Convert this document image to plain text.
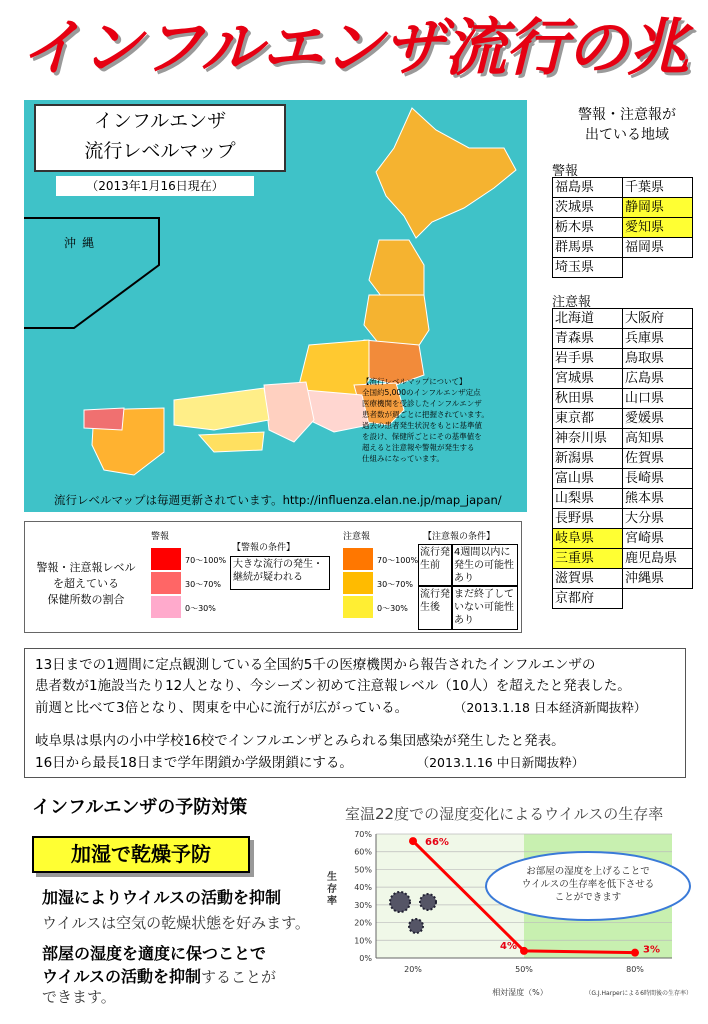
インフルエンザ流行の兆
インフルエンザ
流行レベルマップ
（2013年1月16日現在）
沖縄
【流行レベルマップについて】
全国約5,000のインフルエンザ定点
医療機関を受診したインフルエンザ
患者数が週ごとに把握されています。
過去の患者発生状況をもとに基準値
を設け、保健所ごとにその基準値を
超えると注意報や警報が発生する
仕組みになっています。
流行レベルマップは毎週更新されています。http://influenza.elan.ne.jp/map_japan/
警報・注意報が
出ている地域
警報
福島県	千葉県
茨城県	静岡県
栃木県	愛知県
群馬県	福岡県
埼玉県	
注意報
北海道	大阪府
青森県	兵庫県
岩手県	鳥取県
宮城県	広島県
秋田県	山口県
東京都	愛媛県
神奈川県	高知県
新潟県	佐賀県
富山県	長崎県
山梨県	熊本県
長野県	大分県
岐阜県	宮崎県
三重県	鹿児島県
滋賀県	沖縄県
京都府	
警報・注意報レベル
を超えている
保健所数の割合
警報
70～100%
30～70%
0～30%
【警報の条件】
大きな流行の発生・継続が疑われる
注意報
70～100%
30～70%
0～30%
【注意報の条件】
流行発生前
4週間以内に発生の可能性あり
流行発生後
まだ終了していない可能性あり

13日までの1週間に定点観測している全国約5千の医療機関から報告されたインフルエンザの

患者数が1施設当たり12人となり、今シーズン初めて注意報レベル（10人）を超えたと発表した。

前週と比べて3倍となり、関東を中心に流行が広がっている。	（2013.1.18 日本経済新聞抜粋）

岐阜県は県内の小中学校16校でインフルエンザとみられる集団感染が発生したと発表。

16日から最長18日まで学年閉鎖か学級閉鎖にする。	（2013.1.16 中日新聞抜粋）

インフルエンザの予防対策
加湿で乾燥予防
加湿によりウイルスの活動を抑制
ウイルスは空気の乾燥状態を好みます。
部屋の湿度を適度に保つことで
ウイルスの活動を抑制することが
できます。
室温22度での湿度変化によるウイルスの生存率
0%
10%
20%
30%
40%
50%
60%
70%
20%	50%	80%
生
存
率
相対湿度（%）	（G.J.Harperによる6時間後の生存率）
66%
4%	3%
お部屋の湿度を上げることで
ウイルスの生存率を低下させる
ことができます
